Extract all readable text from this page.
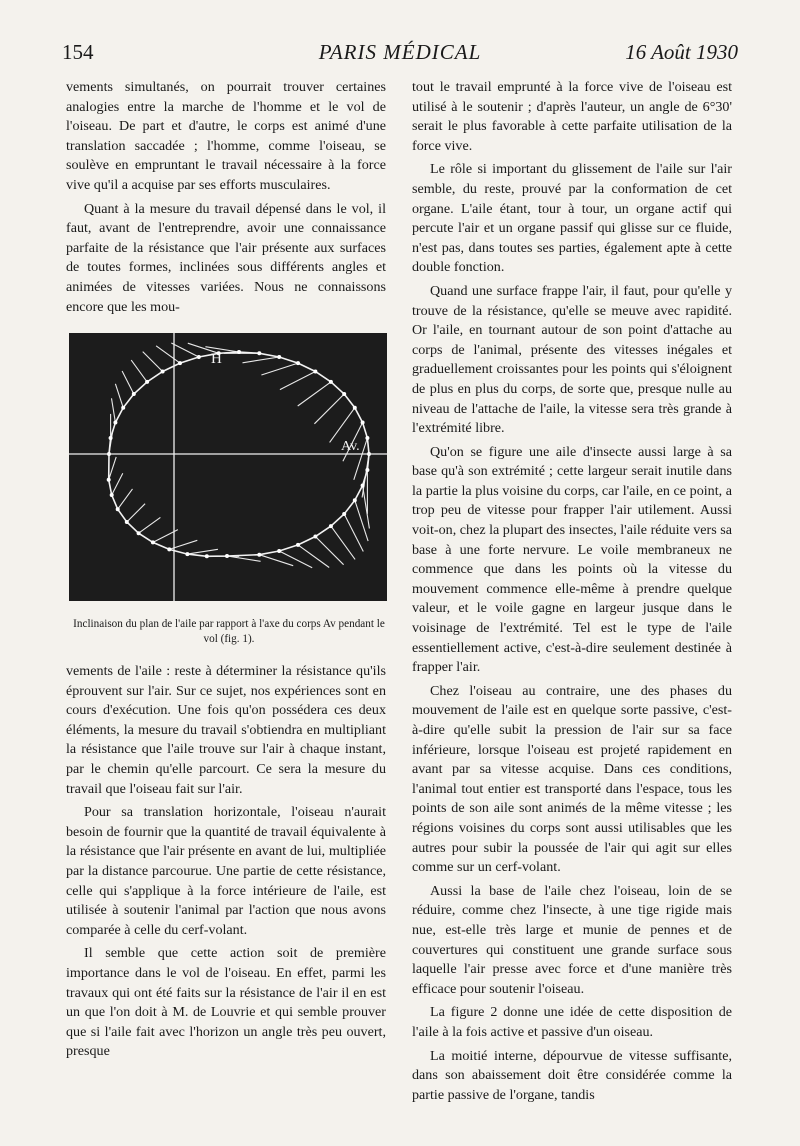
154	PARIS MÉDICAL	16 Août 1930

vements simultanés, on pourrait trouver certaines analogies entre la marche de l'homme et le vol de l'oiseau. De part et d'autre, le corps est animé d'une translation saccadée ; l'homme, comme l'oiseau, se soulève en empruntant le travail nécessaire à la force vive qu'il a acquise par ses efforts musculaires.

Quant à la mesure du travail dépensé dans le vol, il faut, avant de l'entreprendre, avoir une connaissance parfaite de la résistance que l'air présente aux surfaces de toutes formes, inclinées sous différents angles et animées de vitesses variées. Nous ne connaissons encore que les mou-

H
Av.
Inclinaison du plan de l'aile par rapport à l'axe du corps Av pendant le vol (fig. 1).

vements de l'aile : reste à déterminer la résistance qu'ils éprouvent sur l'air. Sur ce sujet, nos expériences sont en cours d'exécution. Une fois qu'on possédera ces deux éléments, la mesure du travail s'obtiendra en multipliant la résistance que l'aile trouve sur l'air à chaque instant, par le chemin qu'elle parcourt. Ce sera la mesure du travail que l'oiseau fait sur l'air.

Pour sa translation horizontale, l'oiseau n'aurait besoin de fournir que la quantité de travail équivalente à la résistance que l'air présente en avant de lui, multipliée par la distance parcourue. Une partie de cette résistance, celle qui s'applique à la force intérieure de l'aile, est utilisée à soutenir l'animal par l'action que nous avons comparée à celle du cerf-volant.

Il semble que cette action soit de première importance dans le vol de l'oiseau. En effet, parmi les travaux qui ont été faits sur la résistance de l'air il en est un que l'on doit à M. de Louvrie et qui semble prouver que si l'aile fait avec l'horizon un angle très peu ouvert, presque

tout le travail emprunté à la force vive de l'oiseau est utilisé à le soutenir ; d'après l'auteur, un angle de 6°30' serait le plus favorable à cette parfaite utilisation de la force vive.

Le rôle si important du glissement de l'aile sur l'air semble, du reste, prouvé par la conformation de cet organe. L'aile étant, tour à tour, un organe actif qui percute l'air et un organe passif qui glisse sur ce fluide, n'est pas, dans toutes ses parties, également apte à cette double fonction.

Quand une surface frappe l'air, il faut, pour qu'elle y trouve de la résistance, qu'elle se meuve avec rapidité. Or l'aile, en tournant autour de son point d'attache au corps de l'animal, présente des vitesses inégales et graduellement croissantes pour les points qui s'éloignent de plus en plus du corps, de sorte que, presque nulle au niveau de l'attache de l'aile, la vitesse sera très grande à l'extrémité libre.

Qu'on se figure une aile d'insecte aussi large à sa base qu'à son extrémité ; cette largeur serait inutile dans la partie la plus voisine du corps, car l'aile, en ce point, a trop peu de vitesse pour frapper l'air utilement. Aussi voit-on, chez la plupart des insectes, l'aile réduite vers sa base à une forte nervure. Le voile membraneux ne commence que dans les points où la vitesse du mouvement commence elle-même à prendre quelque valeur, et le voile gagne en largeur jusque dans le voisinage de l'extrémité. Tel est le type de l'aile essentiellement active, c'est-à-dire seulement destinée à frapper l'air.

Chez l'oiseau au contraire, une des phases du mouvement de l'aile est en quelque sorte passive, c'est-à-dire qu'elle subit la pression de l'air sur sa face inférieure, lorsque l'oiseau est projeté rapidement en avant par sa vitesse acquise. Dans ces conditions, l'animal tout entier est transporté dans l'espace, tous les points de son aile sont animés de la même vitesse ; les régions voisines du corps sont aussi utilisables que les autres pour subir la poussée de l'air qui agit sur elles comme sur un cerf-volant.

Aussi la base de l'aile chez l'oiseau, loin de se réduire, comme chez l'insecte, à une tige rigide mais nue, est-elle très large et munie de pennes et de couvertures qui constituent une grande surface sous laquelle l'air presse avec force et d'une manière très efficace pour soutenir l'oiseau.

La figure 2 donne une idée de cette disposition de l'aile à la fois active et passive d'un oiseau.

La moitié interne, dépourvue de vitesse suffisante, dans son abaissement doit être considérée comme la partie passive de l'organe, tandis
